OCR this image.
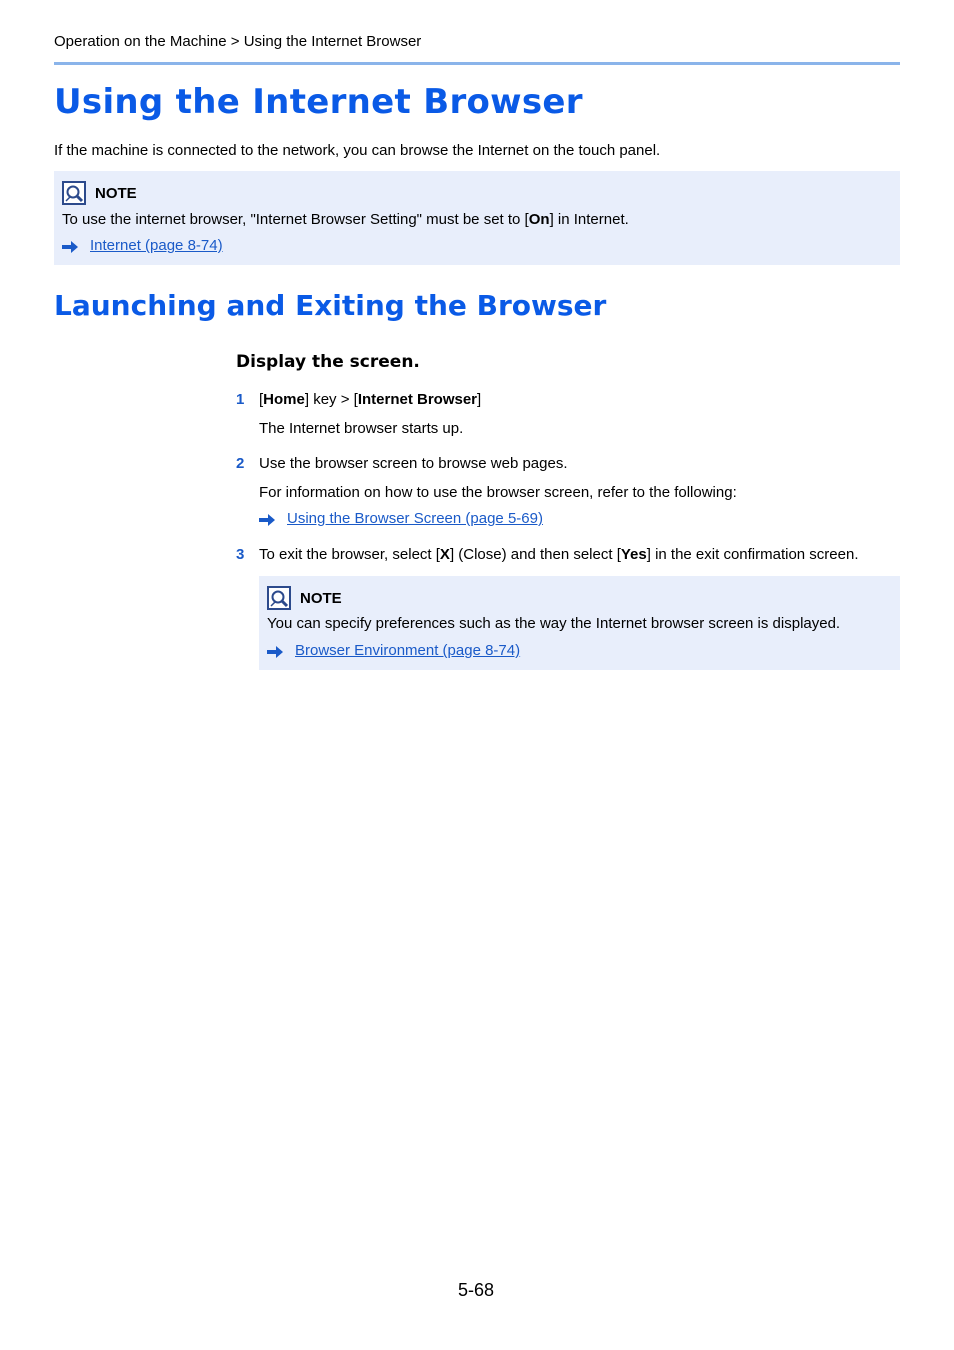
Operation on the Machine > Using the Internet Browser
Using the Internet Browser
If the machine is connected to the network, you can browse the Internet on the touch panel.
NOTE
To use the internet browser, "Internet Browser Setting" must be set to [On] in Internet.
Internet (page 8-74)
Launching and Exiting the Browser
Display the screen.
1 [Home] key > [Internet Browser]
The Internet browser starts up.
2 Use the browser screen to browse web pages.
For information on how to use the browser screen, refer to the following:
Using the Browser Screen (page 5-69)
3 To exit the browser, select [X] (Close) and then select [Yes] in the exit confirmation screen.
NOTE
You can specify preferences such as the way the Internet browser screen is displayed.
Browser Environment (page 8-74)
5-68
